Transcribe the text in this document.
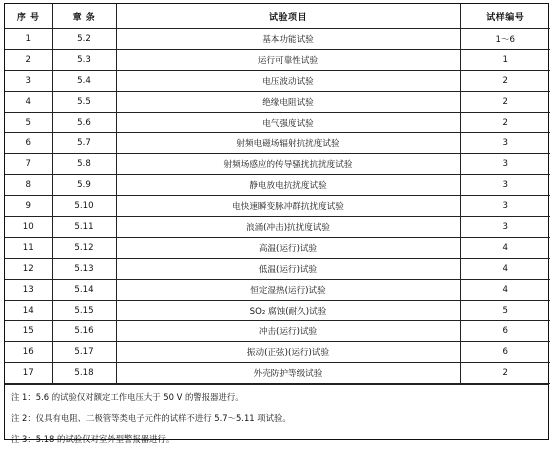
序 号	章 条	试验项目	试样编号
1	5.2	基本功能试验	1～6
2	5.3	运行可靠性试验	1
3	5.4	电压波动试验	2
4	5.5	绝缘电阻试验	2
5	5.6	电气强度试验	2
6	5.7	射频电磁场辐射抗扰度试验	3
7	5.8	射频场感应的传导骚扰抗扰度试验	3
8	5.9	静电放电抗扰度试验	3
9	5.10	电快速瞬变脉冲群抗扰度试验	3
10	5.11	浪涌(冲击)抗扰度试验	3
11	5.12	高温(运行)试验	4
12	5.13	低温(运行)试验	4
13	5.14	恒定湿热(运行)试验	4
14	5.15	SO₂ 腐蚀(耐久)试验	5
15	5.16	冲击(运行)试验	6
16	5.17	振动(正弦)(运行)试验	6
17	5.18	外壳防护等级试验	2
注 1：5.6 的试验仅对额定工作电压大于 50 V 的警报器进行。
注 2：仪具有电阻、二极管等类电子元件的试样不进行 5.7～5.11 项试验。
注 3：5.18 的试验仅对室外型警报器进行。
